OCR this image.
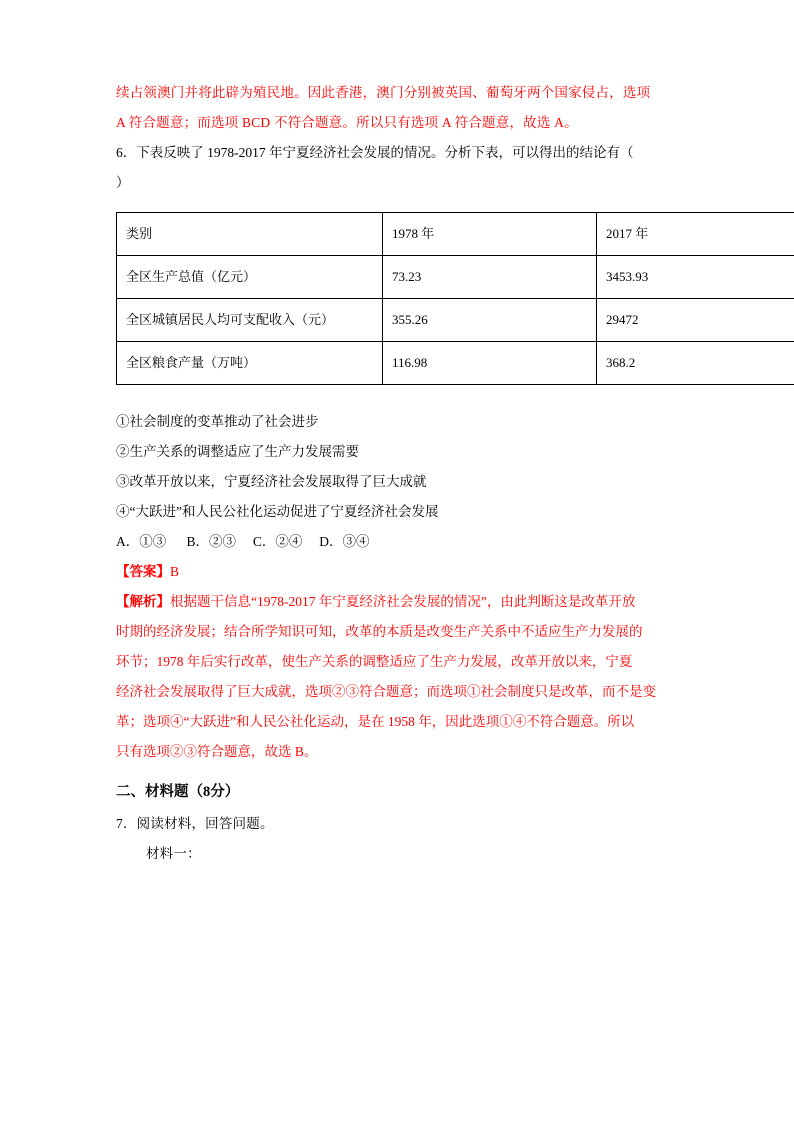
续占领澳门并将此辟为殖民地。因此香港，澳门分别被英国、葡萄牙两个国家侵占，选项

A 符合题意；而选项 BCD 不符合题意。所以只有选项 A 符合题意，故选 A。

6．下表反映了 1978-2017 年宁夏经济社会发展的情况。分析下表，可以得出的结论有（

）

类别	1978 年	2017 年
全区生产总值（亿元）	73.23	3453.93
全区城镇居民人均可支配收入（元）	355.26	29472
全区粮食产量（万吨）	116.98	368.2

①社会制度的变革推动了社会进步

②生产关系的调整适应了生产力发展需要

③改革开放以来，宁夏经济社会发展取得了巨大成就

④“大跃进”和人民公社化运动促进了宁夏经济社会发展

A．①③      B．②③     C．②④     D．③④

【答案】B

【解析】根据题干信息“1978-2017 年宁夏经济社会发展的情况”，由此判断这是改革开放

时期的经济发展；结合所学知识可知，改革的本质是改变生产关系中不适应生产力发展的

环节；1978 年后实行改革，使生产关系的调整适应了生产力发展，改革开放以来，宁夏

经济社会发展取得了巨大成就，选项②③符合题意；而选项①社会制度只是改革，而不是变

革；选项④“大跃进”和人民公社化运动，是在 1958 年，因此选项①④不符合题意。所以

只有选项②③符合题意，故选 B。

二、材料题（8分）

7．阅读材料，回答问题。

材料一：
